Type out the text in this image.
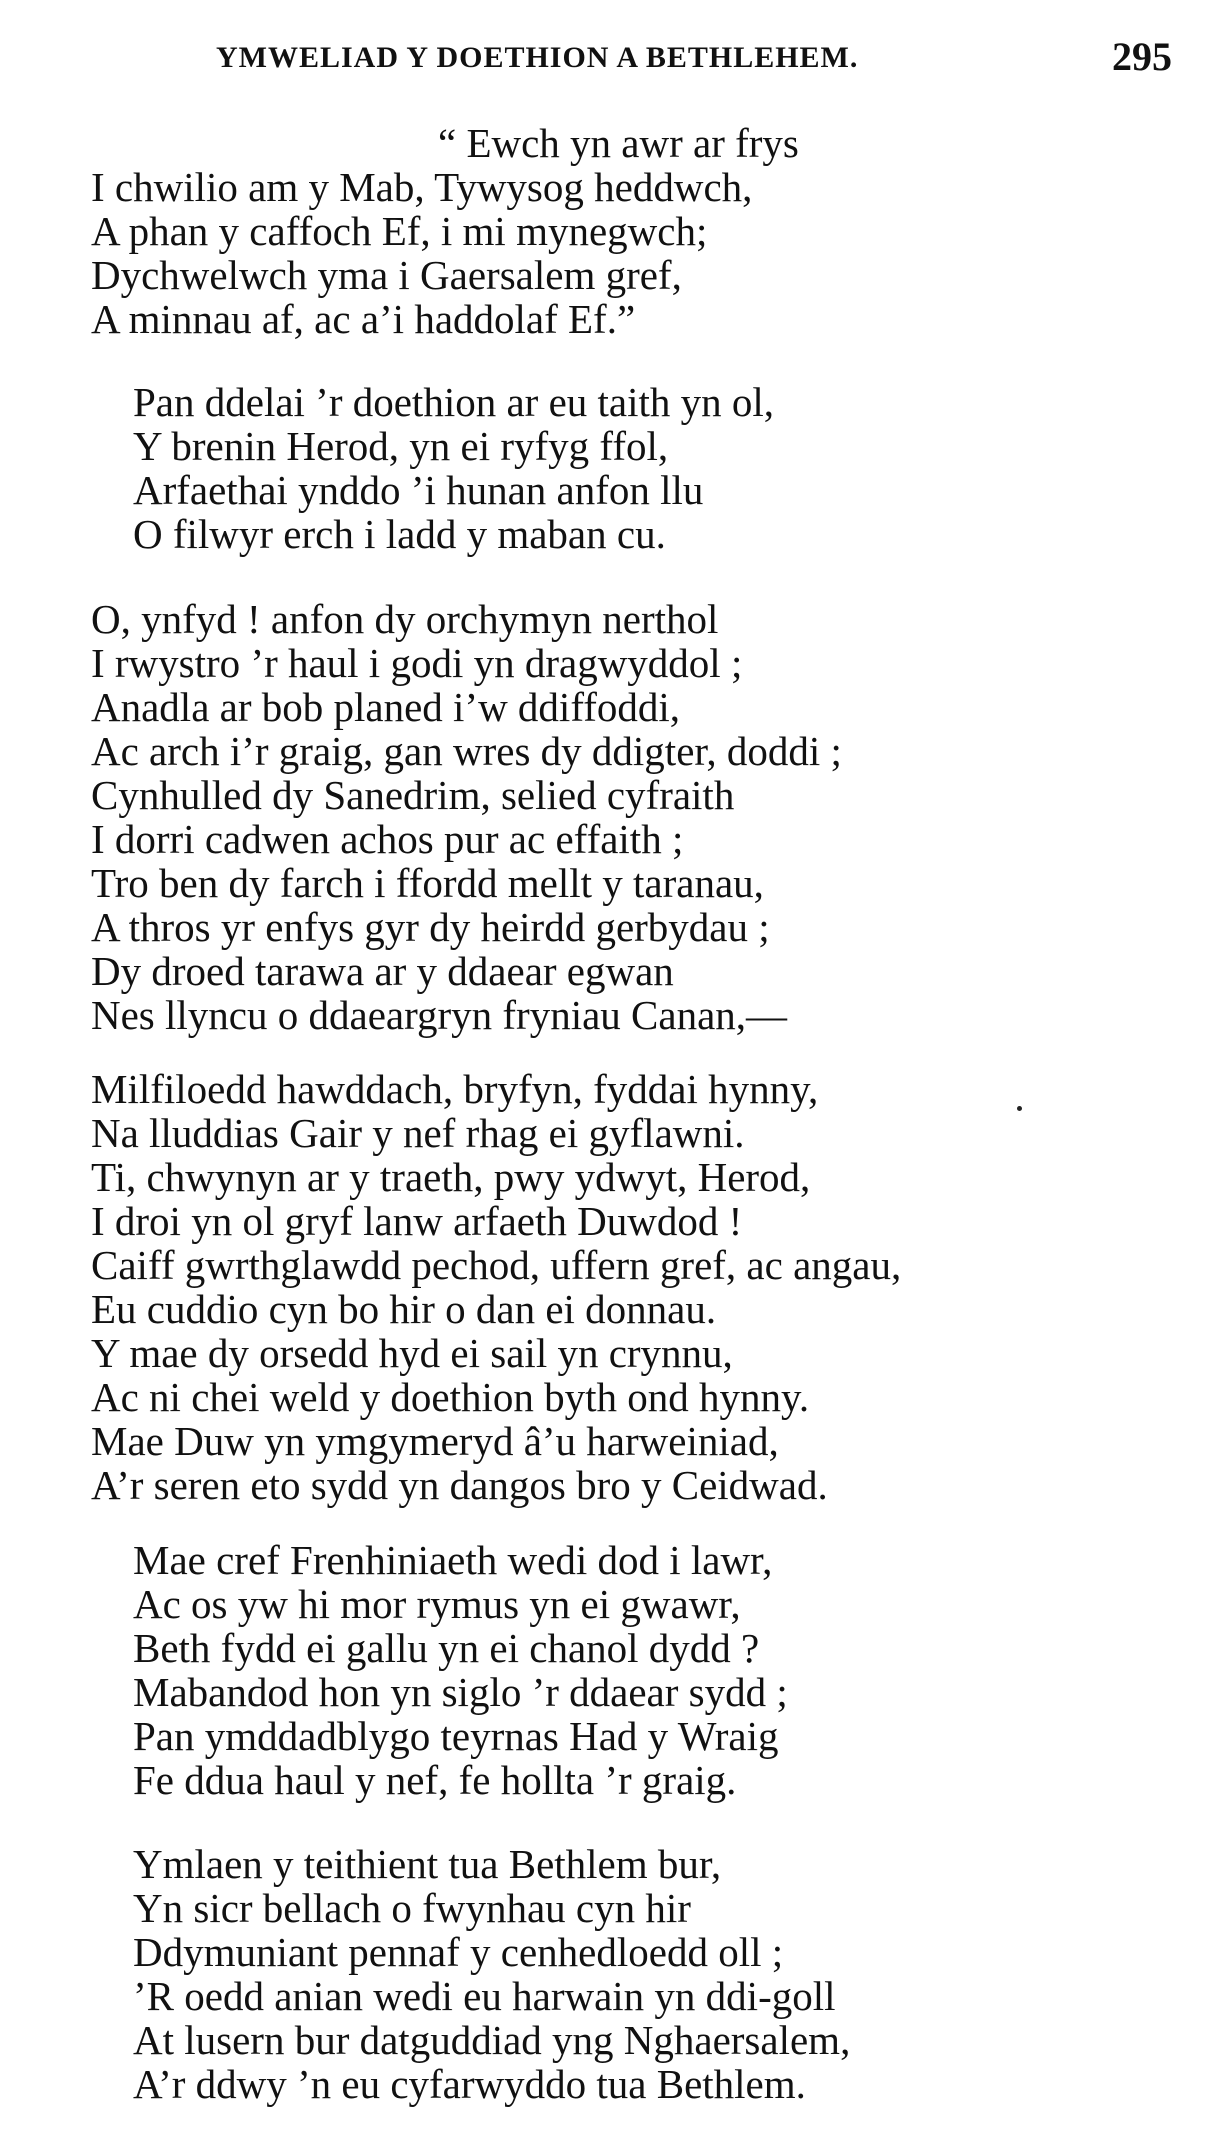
YMWELIAD Y DOETHION A BETHLEHEM.	295
“ Ewch yn awr ar frys
I chwilio am y Mab, Tywysog heddwch,
A phan y caffoch Ef, i mi mynegwch;
Dychwelwch yma i Gaersalem gref,
A minnau af, ac a’i haddolaf Ef.”
Pan ddelai ’r doethion ar eu taith yn ol,
Y brenin Herod, yn ei ryfyg ffol,
Arfaethai ynddo ’i hunan anfon llu
O filwyr erch i ladd y maban cu.
O, ynfyd ! anfon dy orchymyn nerthol
I rwystro ’r haul i godi yn dragwyddol ;
Anadla ar bob planed i’w ddiffoddi,
Ac arch i’r graig, gan wres dy ddigter, doddi ;
Cynhulled dy Sanedrim, selied cyfraith
I dorri cadwen achos pur ac effaith ;
Tro ben dy farch i ffordd mellt y taranau,
A thros yr enfys gyr dy heirdd gerbydau ;
Dy droed tarawa ar y ddaear egwan
Nes llyncu o ddaeargryn fryniau Canan,—
Milfiloedd hawddach, bryfyn, fyddai hynny,
Na lluddias Gair y nef rhag ei gyflawni.
Ti, chwynyn ar y traeth, pwy ydwyt, Herod,
I droi yn ol gryf lanw arfaeth Duwdod !
Caiff gwrthglawdd pechod, uffern gref, ac angau,
Eu cuddio cyn bo hir o dan ei donnau.
Y mae dy orsedd hyd ei sail yn crynnu,
Ac ni chei weld y doethion byth ond hynny.
Mae Duw yn ymgymeryd â’u harweiniad,
A’r seren eto sydd yn dangos bro y Ceidwad.
Mae cref Frenhiniaeth wedi dod i lawr,
Ac os yw hi mor rymus yn ei gwawr,
Beth fydd ei gallu yn ei chanol dydd ?
Mabandod hon yn siglo ’r ddaear sydd ;
Pan ymddadblygo teyrnas Had y Wraig
Fe ddua haul y nef, fe hollta ’r graig.
Ymlaen y teithient tua Bethlem bur,
Yn sicr bellach o fwynhau cyn hir
Ddymuniant pennaf y cenhedloedd oll ;
’R oedd anian wedi eu harwain yn ddi-goll
At lusern bur datguddiad yng Nghaersalem,
A’r ddwy ’n eu cyfarwyddo tua Bethlem.
